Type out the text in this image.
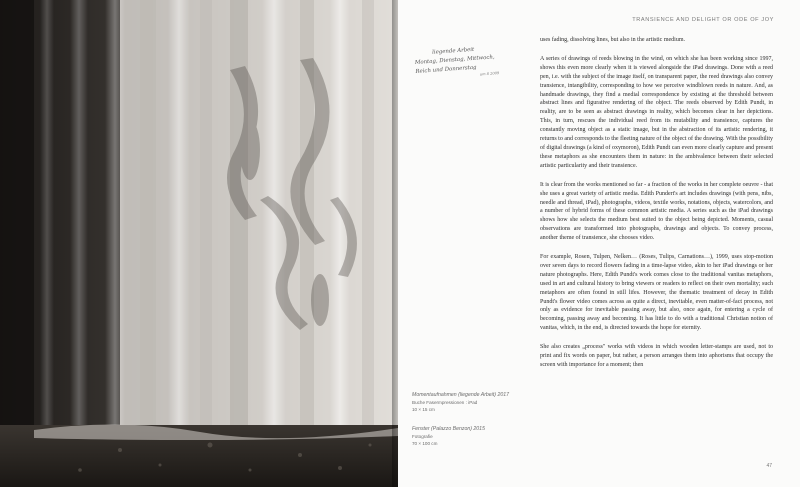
TRANSIENCE AND DELIGHT OR ODE OF JOY
liegende Arbeit
Montag, Dienstag, Mittwoch,
Reich und Donnerstag um 8 2009
Momentaufnahmen (liegende Arbeit) 2017
Buche Fasermpressionen : iPad
10 × 15 cm
Fenster (Palazzo Benzon) 2015
Fotografie
70 × 100 cm

uses fading, dissolving lines, but also in the artistic medium.

A series of drawings of reeds blowing in the wind, on which she has been working since 1997, shows this even more clearly when it is viewed alongside the iPad drawings. Done with a reed pen, i.e. with the subject of the image itself, on transparent paper, the reed drawings also convey transience, intangibility, corresponding to how we perceive windblown reeds in nature. And, as handmade drawings, they find a medial correspondence by existing at the threshold between abstract lines and figurative rendering of the object. The reeds observed by Edith Pundt, in reality, are to be seen as abstract drawings in reality, which becomes clear in her depictions. This, in turn, rescues the individual reed from its mutability and transience, captures the constantly moving object as a static image, but in the abstraction of its artistic rendering, it returns to and corresponds to the fleeting nature of the object of the drawing. With the possibility of digital drawings (a kind of oxymoron), Edith Pundt can even more clearly capture and present these metaphors as she encounters them in nature: in the ambivalence between their selected artistic particularity and their transience.

It is clear from the works mentioned so far - a fraction of the works in her complete oeuvre - that she uses a great variety of artistic media. Edith Pundert's art includes drawings (with pens, nibs, needle and thread, iPad), photographs, videos, textile works, notations, objects, watercolors, and a number of hybrid forms of these common artistic media. A series such as the iPad drawings shows how she selects the medium best suited to the object being depicted. Moments, casual observations are transformed into photographs, drawings and objects. To convey process, another theme of transience, she chooses video.

For example, Rosen, Tulpen, Nelken… (Roses, Tulips, Carnations…), 1999, uses stop-motion over seven days to record flowers fading in a time-lapse video, akin to her iPad drawings or her nature photographs. Here, Edith Pundt's work comes close to the traditional vanitas metaphors, used in art and cultural history to bring viewers or readers to reflect on their own mortality; such metaphors are often found in still lifes. However, the thematic treatment of decay in Edith Pundt's flower video comes across as quite a direct, inevitable, even matter-of-fact process, not only as evidence for inevitable passing away, but also, once again, for entering a cycle of becoming, passing away and becoming. It has little to do with a traditional Christian notion of vanitas, which, in the end, is directed towards the hope for eternity.

She also creates „process" works with videos in which wooden letter-stamps are used, not to print and fix words on paper, but rather, a person arranges them into aphorisms that occupy the screen with importance for a moment; then

47
